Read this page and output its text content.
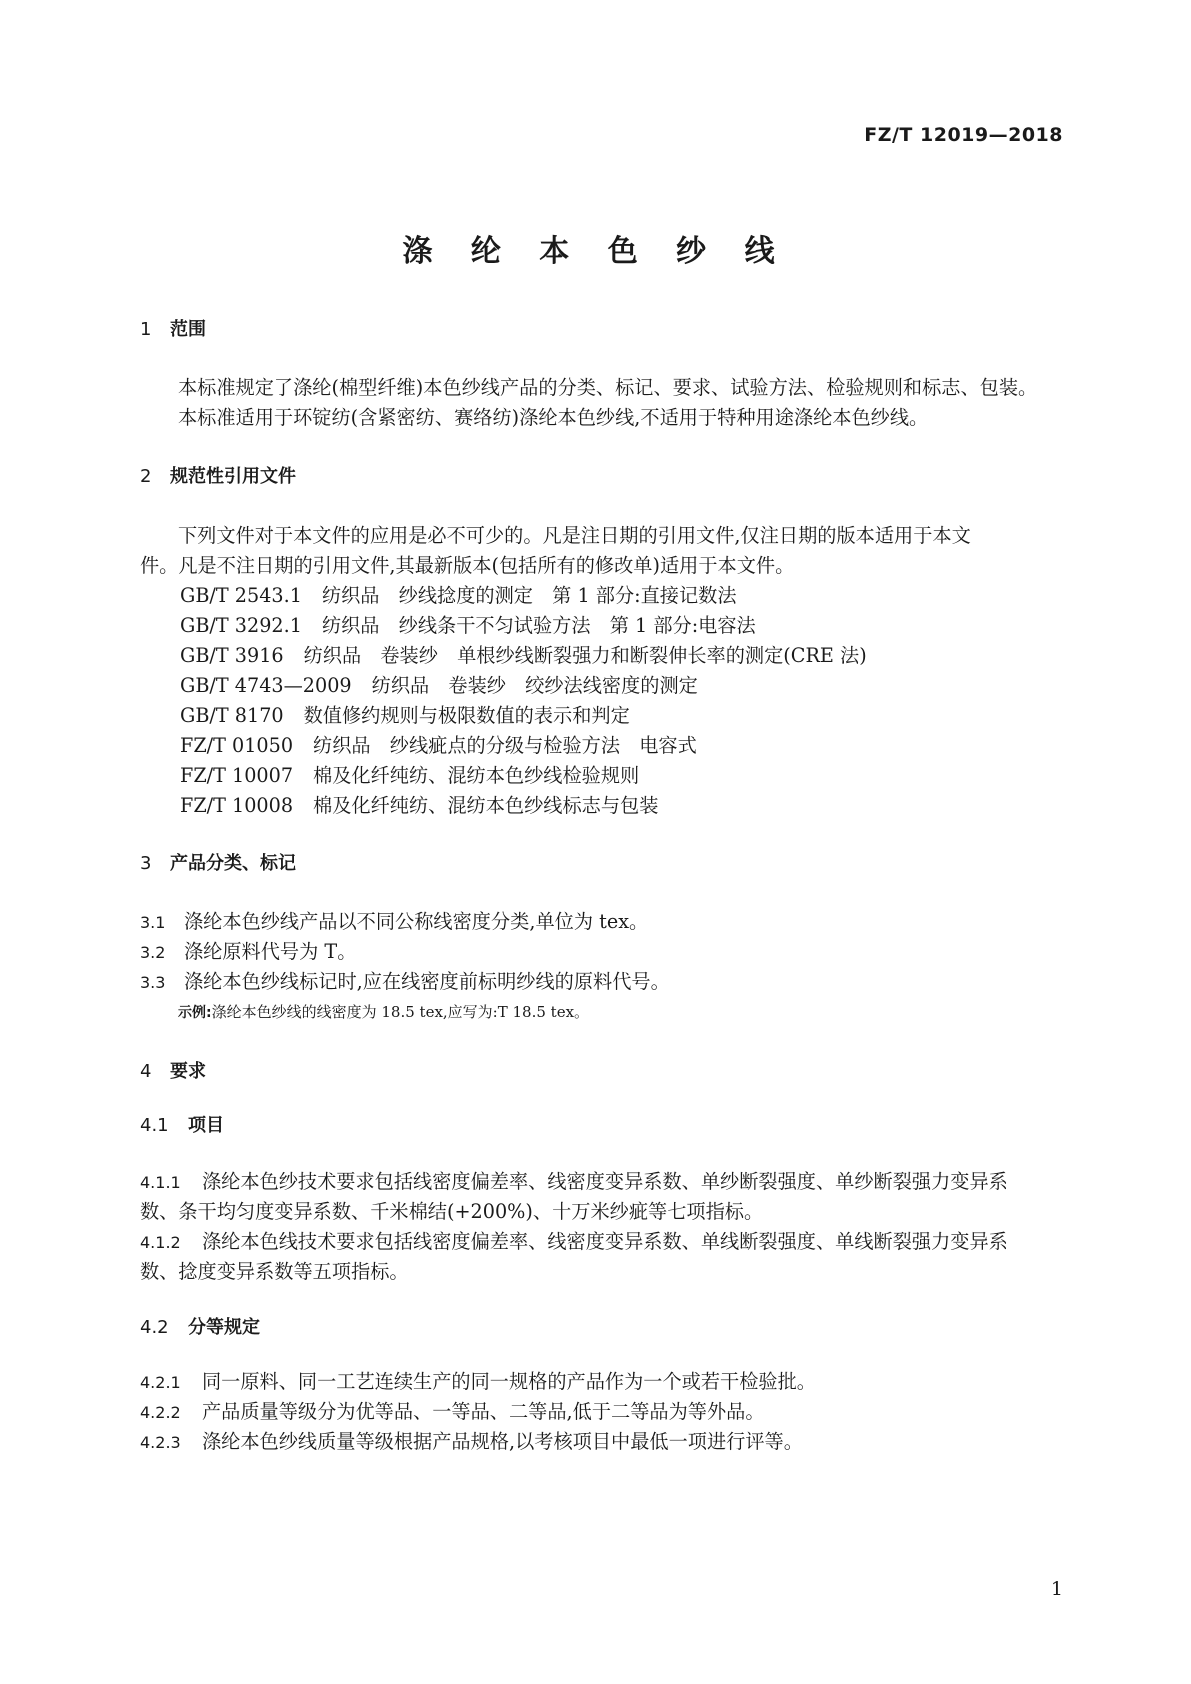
FZ/T 12019—2018
涤 纶 本 色 纱 线
1 范围
本标准规定了涤纶(棉型纤维)本色纱线产品的分类、标记、要求、试验方法、检验规则和标志、包装。
本标准适用于环锭纺(含紧密纺、赛络纺)涤纶本色纱线,不适用于特种用途涤纶本色纱线。
2 规范性引用文件
下列文件对于本文件的应用是必不可少的。凡是注日期的引用文件,仅注日期的版本适用于本文
件。凡是不注日期的引用文件,其最新版本(包括所有的修改单)适用于本文件。
GB/T 2543.1 纺织品　纱线捻度的测定　第 1 部分:直接记数法
GB/T 3292.1 纺织品　纱线条干不匀试验方法　第 1 部分:电容法
GB/T 3916 纺织品　卷装纱　单根纱线断裂强力和断裂伸长率的测定(CRE 法)
GB/T 4743—2009 纺织品　卷装纱　绞纱法线密度的测定
GB/T 8170 数值修约规则与极限数值的表示和判定
FZ/T 01050 纺织品　纱线疵点的分级与检验方法　电容式
FZ/T 10007 棉及化纤纯纺、混纺本色纱线检验规则
FZ/T 10008 棉及化纤纯纺、混纺本色纱线标志与包装
3 产品分类、标记
3.1 涤纶本色纱线产品以不同公称线密度分类,单位为 tex。
3.2 涤纶原料代号为 T。
3.3 涤纶本色纱线标记时,应在线密度前标明纱线的原料代号。
示例:涤纶本色纱线的线密度为 18.5 tex,应写为:T 18.5 tex。
4 要求
4.1 项目
4.1.1 涤纶本色纱技术要求包括线密度偏差率、线密度变异系数、单纱断裂强度、单纱断裂强力变异系
数、条干均匀度变异系数、千米棉结(+200%)、十万米纱疵等七项指标。
4.1.2 涤纶本色线技术要求包括线密度偏差率、线密度变异系数、单线断裂强度、单线断裂强力变异系
数、捻度变异系数等五项指标。
4.2 分等规定
4.2.1 同一原料、同一工艺连续生产的同一规格的产品作为一个或若干检验批。
4.2.2 产品质量等级分为优等品、一等品、二等品,低于二等品为等外品。
4.2.3 涤纶本色纱线质量等级根据产品规格,以考核项目中最低一项进行评等。
1
